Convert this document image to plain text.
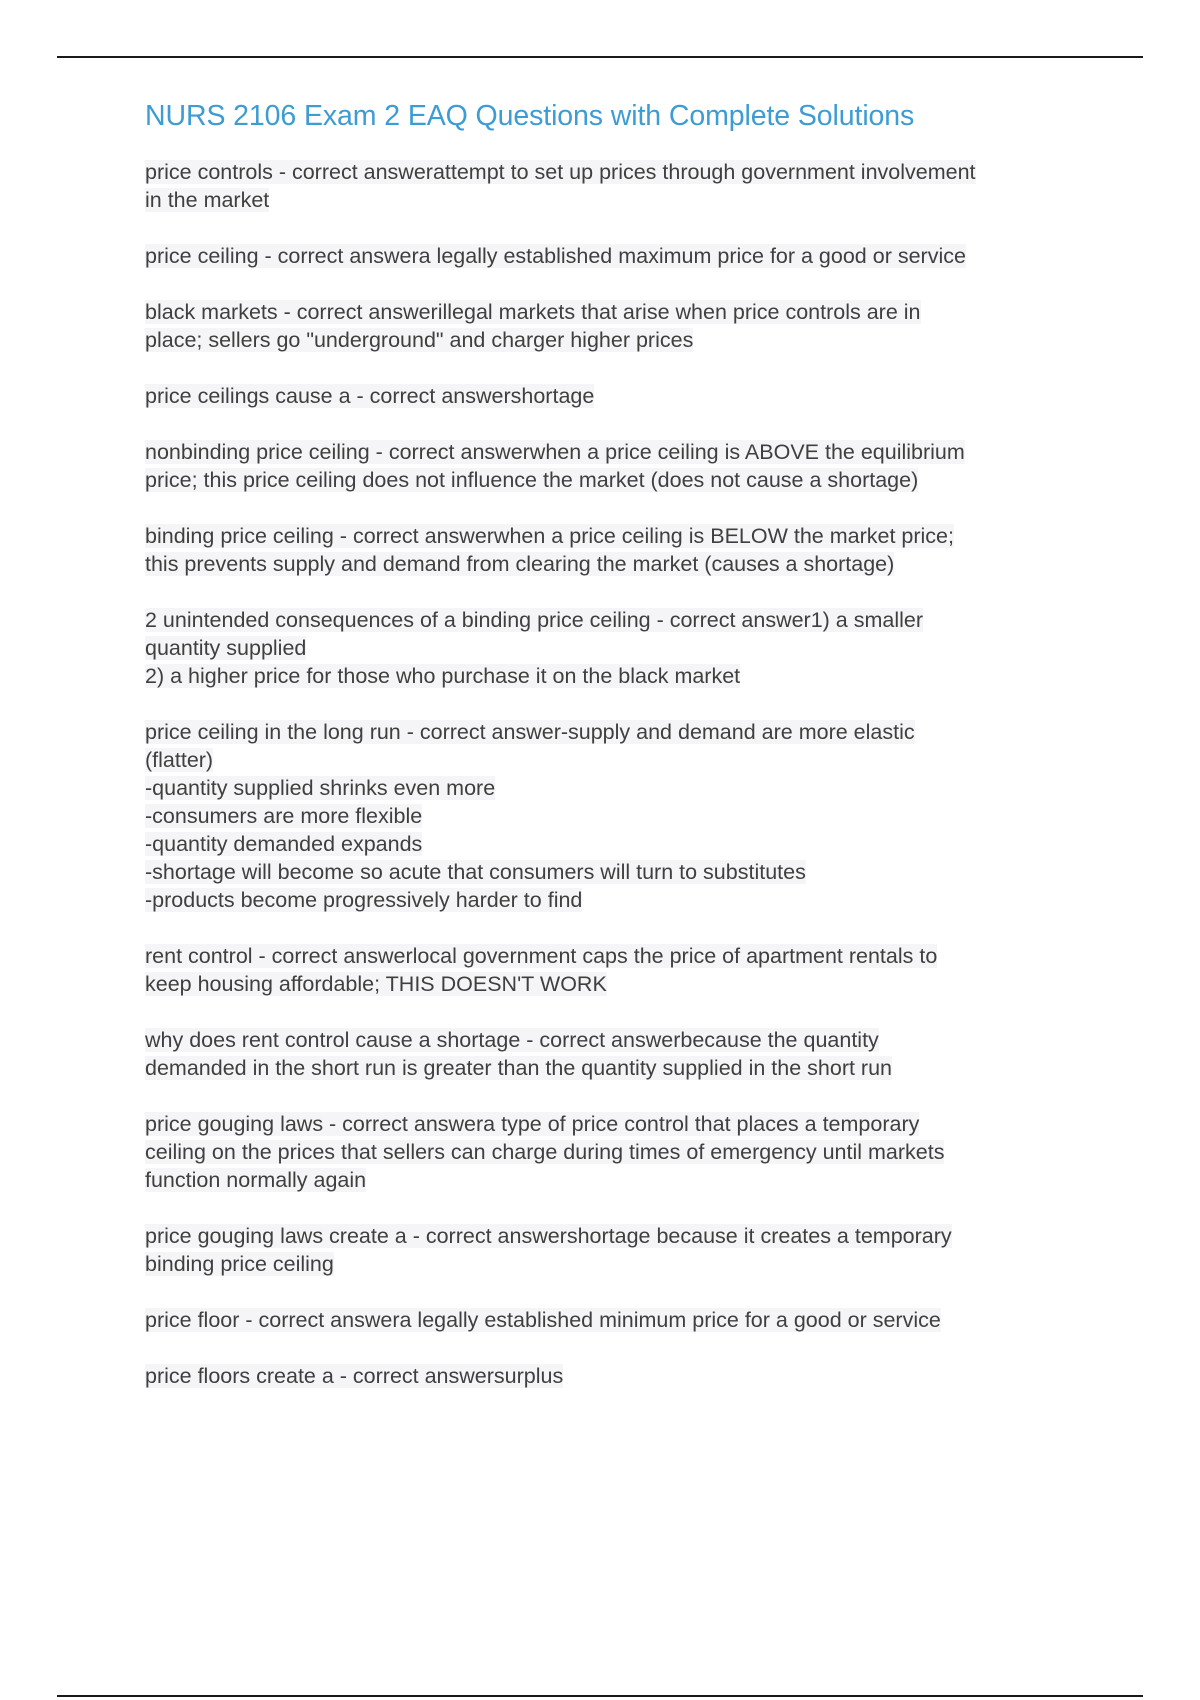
NURS 2106 Exam 2 EAQ Questions with Complete Solutions
price controls - correct answerattempt to set up prices through government involvement
in the market
price ceiling - correct answera legally established maximum price for a good or service
black markets - correct answerillegal markets that arise when price controls are in
place; sellers go "underground" and charger higher prices
price ceilings cause a - correct answershortage
nonbinding price ceiling - correct answerwhen a price ceiling is ABOVE the equilibrium
price; this price ceiling does not influence the market (does not cause a shortage)
binding price ceiling - correct answerwhen a price ceiling is BELOW the market price;
this prevents supply and demand from clearing the market (causes a shortage)
2 unintended consequences of a binding price ceiling - correct answer1) a smaller
quantity supplied
2) a higher price for those who purchase it on the black market
price ceiling in the long run - correct answer-supply and demand are more elastic
(flatter)
-quantity supplied shrinks even more
-consumers are more flexible
-quantity demanded expands
-shortage will become so acute that consumers will turn to substitutes
-products become progressively harder to find
rent control - correct answerlocal government caps the price of apartment rentals to
keep housing affordable; THIS DOESN'T WORK
why does rent control cause a shortage - correct answerbecause the quantity
demanded in the short run is greater than the quantity supplied in the short run
price gouging laws - correct answera type of price control that places a temporary
ceiling on the prices that sellers can charge during times of emergency until markets
function normally again
price gouging laws create a - correct answershortage because it creates a temporary
binding price ceiling
price floor - correct answera legally established minimum price for a good or service
price floors create a - correct answersurplus
